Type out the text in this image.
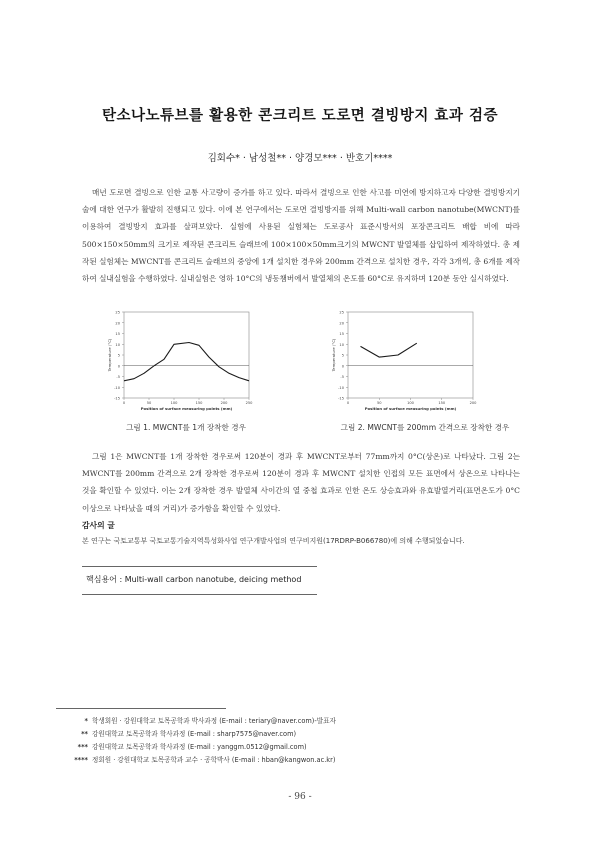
탄소나노튜브를 활용한 콘크리트 도로면 결빙방지 효과 검증
김회수* · 남성철** · 양경모*** · 반호기****

매년 도로면 결빙으로 인한 교통 사고량이 증가를 하고 있다. 따라서 결빙으로 인한 사고를 미연에 방지하고자 다양한 결빙방지기술에 대한 연구가 활발히 진행되고 있다. 이에 본 연구에서는 도로면 결빙방지를 위해 Multi-wall carbon nanotube(MWCNT)를 이용하여 결빙방지 효과를 살펴보았다. 실험에 사용된 실험체는 도로공사 표준시방서의 포장콘크리트 배합 비에 따라 500×150×50mm의 크기로 제작된 콘크리트 슬래브에 100×100×50mm크기의 MWCNT 발열체를 삽입하여 제작하였다. 총 제작된 실험체는 MWCNT를 콘크리트 슬래브의 중앙에 1개 설치한 경우와 200mm 간격으로 설치한 경우, 각각 3개씩, 총 6개를 제작하여 실내실험을 수행하였다. 실내실험은 영하 10°C의 냉동챔버에서 발열체의 온도를 60°C로 유지하며 120분 동안 실시하였다.

-15
-10
-5
0
5
10
15
20
25
0	50	100	150	200	250
Position of surface measuring points (mm)
Temperature (°C)
-15
-10
-5
0
5
10
15
20
25
0	50	100	150	200
Position of surface measuring points (mm)
Temperature (°C)
그림 1. MWCNT를 1개 장착한 경우	그림 2. MWCNT를 200mm 간격으로 장착한 경우

그림 1은 MWCNT를 1개 장착한 경우로써 120분이 경과 후 MWCNT로부터 77mm까지 0°C(상온)로 나타났다. 그림 2는 MWCNT를 200mm 간격으로 2개 장착한 경우로써 120분이 경과 후 MWCNT 설치한 인접의 모든 표면에서 상온으로 나타나는 것을 확인할 수 있었다. 이는 2개 장착한 경우 발열체 사이간의 열 중첩 효과로 인한 온도 상승효과와 유효발열거리(표면온도가 0°C이상으로 나타났을 때의 거리)가 증가함을 확인할 수 있었다.

감사의 글
본 연구는 국토교통부 국토교통기술지역특성화사업 연구개발사업의 연구비지원(17RDRP-B066780)에 의해 수행되었습니다.
핵심용어 : Multi-wall carbon nanotube, deicing method
* 학생회원 · 강원대학교 토목공학과 박사과정 (E-mail : teriary@naver.com)-발표자
** 강원대학교 토목공학과 학사과정 (E-mail : sharp7575@naver.com)
*** 강원대학교 토목공학과 학사과정 (E-mail : yanggm.0512@gmail.com)
**** 정회원 · 강원대학교 토목공학과 교수 · 공학박사 (E-mail : hban@kangwon.ac.kr)
- 96 -
